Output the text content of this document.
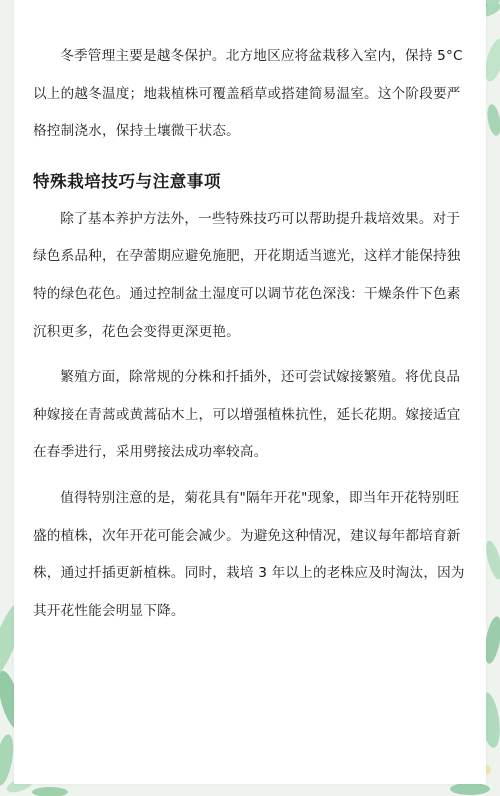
冬季管理主要是越冬保护。北方地区应将盆栽移入室内，保持 5°C以上的越冬温度；地栽植株可覆盖稻草或搭建简易温室。这个阶段要严格控制浇水，保持土壤微干状态。

特殊栽培技巧与注意事项

除了基本养护方法外，一些特殊技巧可以帮助提升栽培效果。对于绿色系品种，在孕蕾期应避免施肥，开花期适当遮光，这样才能保持独特的绿色花色。通过控制盆土湿度可以调节花色深浅：干燥条件下色素沉积更多，花色会变得更深更艳。

繁殖方面，除常规的分株和扦插外，还可尝试嫁接繁殖。将优良品种嫁接在青蒿或黄蒿砧木上，可以增强植株抗性，延长花期。嫁接适宜在春季进行，采用劈接法成功率较高。

值得特别注意的是，菊花具有"隔年开花"现象，即当年开花特别旺盛的植株，次年开花可能会减少。为避免这种情况，建议每年都培育新株，通过扦插更新植株。同时，栽培 3 年以上的老株应及时淘汰，因为其开花性能会明显下降。
